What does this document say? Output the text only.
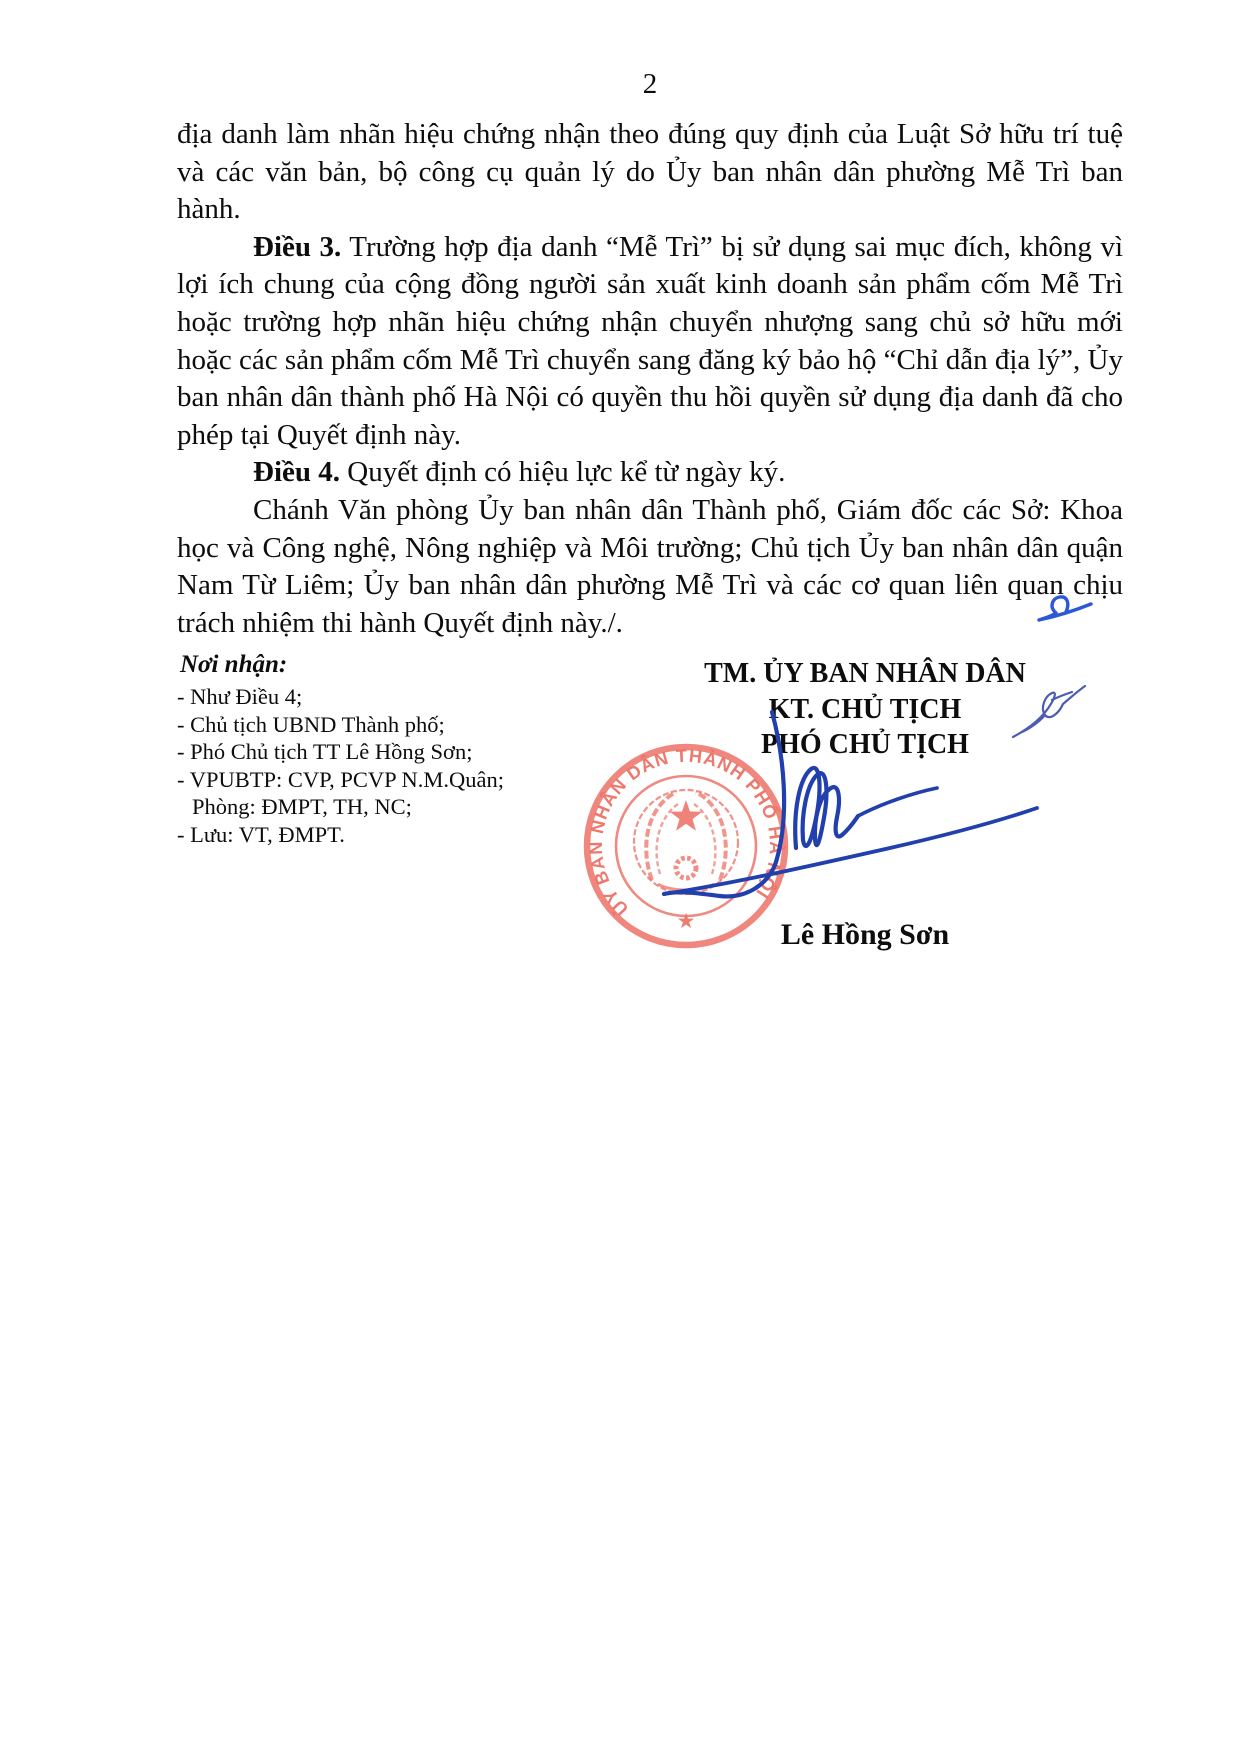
2

địa danh làm nhãn hiệu chứng nhận theo đúng quy định của Luật Sở hữu trí tuệ và các văn bản, bộ công cụ quản lý do Ủy ban nhân dân phường Mễ Trì ban hành.

Điều 3. Trường hợp địa danh “Mễ Trì” bị sử dụng sai mục đích, không vì lợi ích chung của cộng đồng người sản xuất kinh doanh sản phẩm cốm Mễ Trì hoặc trường hợp nhãn hiệu chứng nhận chuyển nhượng sang chủ sở hữu mới hoặc các sản phẩm cốm Mễ Trì chuyển sang đăng ký bảo hộ “Chỉ dẫn địa lý”, Ủy ban nhân dân thành phố Hà Nội có quyền thu hồi quyền sử dụng địa danh đã cho phép tại Quyết định này.

Điều 4. Quyết định có hiệu lực kể từ ngày ký.

Chánh Văn phòng Ủy ban nhân dân Thành phố, Giám đốc các Sở: Khoa học và Công nghệ, Nông nghiệp và Môi trường; Chủ tịch Ủy ban nhân dân quận Nam Từ Liêm; Ủy ban nhân dân phường Mễ Trì và các cơ quan liên quan chịu trách nhiệm thi hành Quyết định này./.

Nơi nhận:

- Như Điều 4;
- Chủ tịch UBND Thành phố;
- Phó Chủ tịch TT Lê Hồng Sơn;
- VPUBTP: CVP, PCVP N.M.Quân;
Phòng: ĐMPT, TH, NC;
- Lưu: VT, ĐMPT.
TM. ỦY BAN NHÂN DÂN
KT. CHỦ TỊCH
PHÓ CHỦ TỊCH
Lê Hồng Sơn
ỦY BAN NHÂN DÂN THÀNH PHỐ HÀ NỘI
★
